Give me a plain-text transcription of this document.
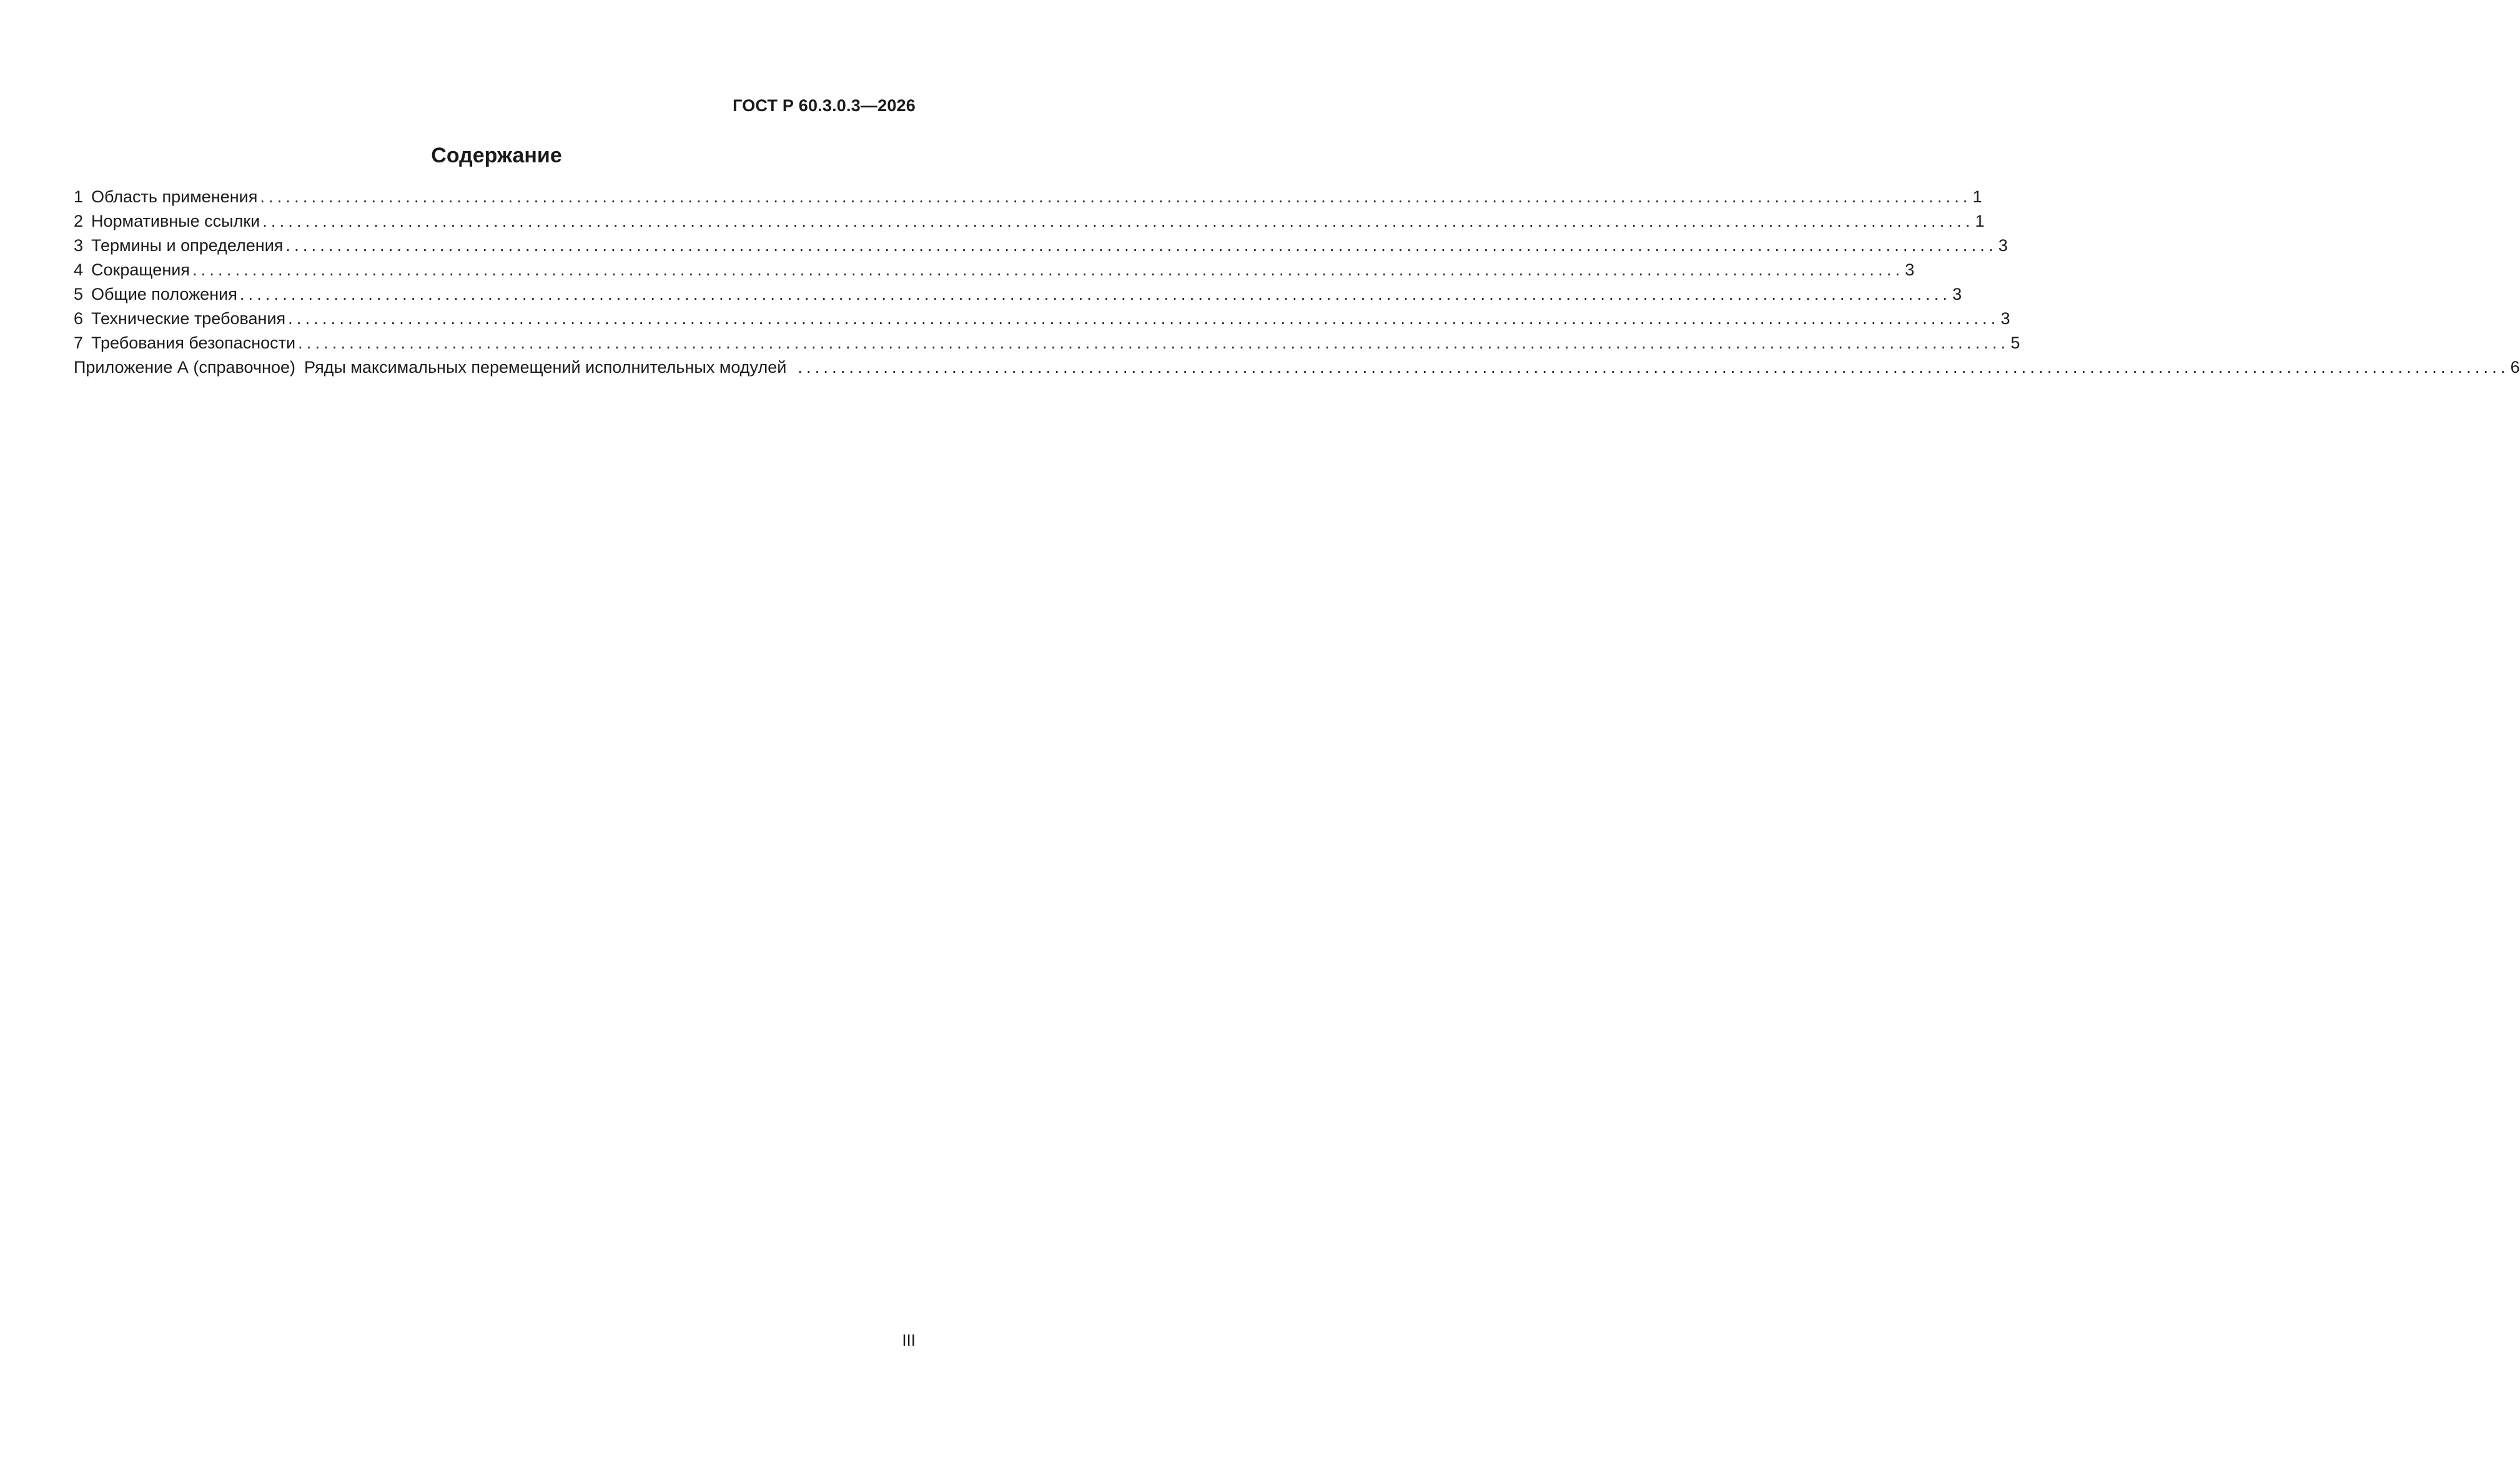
ГОСТ Р 60.3.0.3—2026
Содержание
1 Область применения ........................................................................................................................................................................................................ 1
2 Нормативные ссылки ........................................................................................................................................................................................................ 1
3 Термины и определения ........................................................................................................................................................................................................ 3
4 Сокращения ........................................................................................................................................................................................................ 3
5 Общие положения ........................................................................................................................................................................................................ 3
6 Технические требования ........................................................................................................................................................................................................ 3
7 Требования безопасности ........................................................................................................................................................................................................ 5
Приложение А (справочное) Ряды максимальных перемещений исполнительных модулей ........................................................................................................................................................................................................ 6
III
